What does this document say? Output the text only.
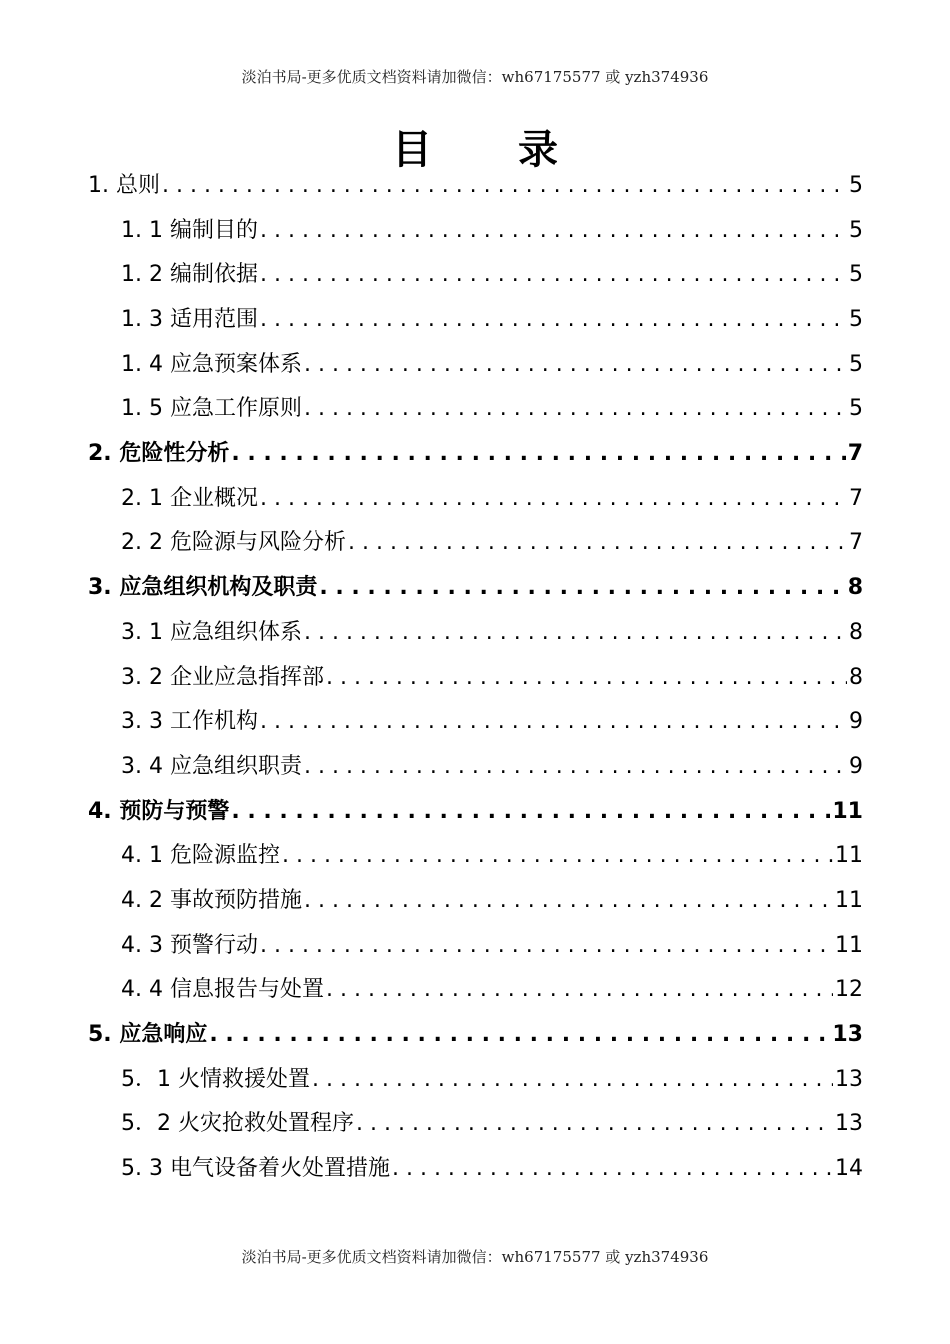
淡泊书局-更多优质文档资料请加微信：wh67175577 或 yzh374936
目 录
1. 总则 . . .	5
1. 1 编制目的 . . .	5
1. 2 编制依据 . . .	5
1. 3 适用范围 . . .	5
1. 4 应急预案体系 . . .	5
1. 5 应急工作原则 . . .	5
2. 危险性分析 . . .	7
2. 1 企业概况 . . .	7
2. 2 危险源与风险分析 . . .	7
3. 应急组织机构及职责 . . .	8
3. 1 应急组织体系 . . .	8
3. 2 企业应急指挥部 . . .	8
3. 3 工作机构 . . .	9
3. 4 应急组织职责 . . .	9
4. 预防与预警 . . .	11
4. 1 危险源监控 . . .	11
4. 2 事故预防措施 . . .	11
4. 3 预警行动 . . .	11
4. 4 信息报告与处置 . . .	12
5. 应急响应 . . .	13
5．1 火情救援处置 . . .	13
5．2 火灾抢救处置程序 . . .	13
5. 3 电气设备着火处置措施 . . .	14
淡泊书局-更多优质文档资料请加微信：wh67175577 或 yzh374936
